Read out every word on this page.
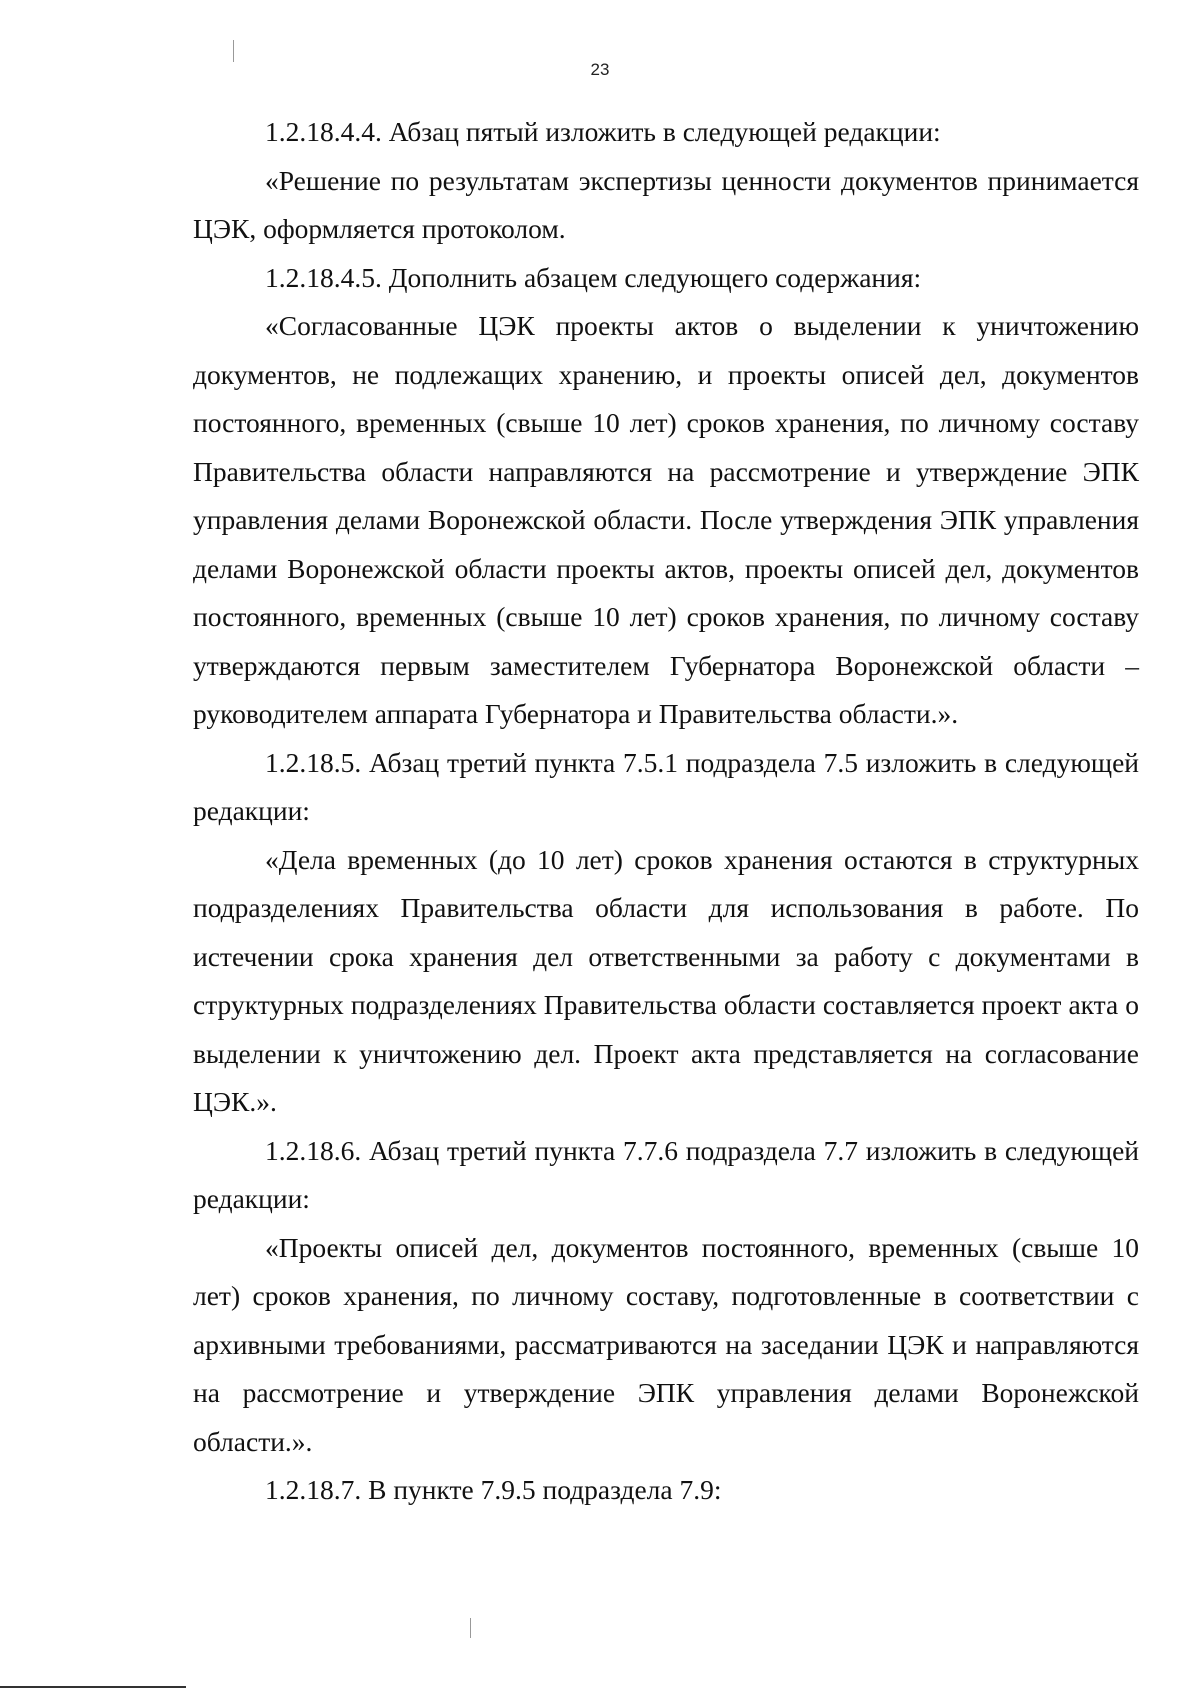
23

1.2.18.4.4. Абзац пятый изложить в следующей редакции:

«Решение по результатам экспертизы ценности документов принимается ЦЭК, оформляется протоколом.

1.2.18.4.5. Дополнить абзацем следующего содержания:

«Согласованные ЦЭК проекты актов о выделении к уничтожению документов, не подлежащих хранению, и проекты описей дел, документов постоянного, временных (свыше 10 лет) сроков хранения, по личному составу Правительства области направляются на рассмотрение и утверждение ЭПК управления делами Воронежской области. После утверждения ЭПК управления делами Воронежской области проекты актов, проекты описей дел, документов постоянного, временных (свыше 10 лет) сроков хранения, по личному составу утверждаются первым заместителем Губернатора Воронежской области – руководителем аппарата Губернатора и Правительства области.».

1.2.18.5. Абзац третий пункта 7.5.1 подраздела 7.5 изложить в следующей редакции:

«Дела временных (до 10 лет) сроков хранения остаются в структурных подразделениях Правительства области для использования в работе. По истечении срока хранения дел ответственными за работу с документами в структурных подразделениях Правительства области составляется проект акта о выделении к уничтожению дел. Проект акта представляется на согласование ЦЭК.».

1.2.18.6. Абзац третий пункта 7.7.6 подраздела 7.7 изложить в следующей редакции:

«Проекты описей дел, документов постоянного, временных (свыше 10 лет) сроков хранения, по личному составу, подготовленные в соответствии с архивными требованиями, рассматриваются на заседании ЦЭК и направляются на рассмотрение и утверждение ЭПК управления делами Воронежской области.».

1.2.18.7. В пункте 7.9.5 подраздела 7.9:
